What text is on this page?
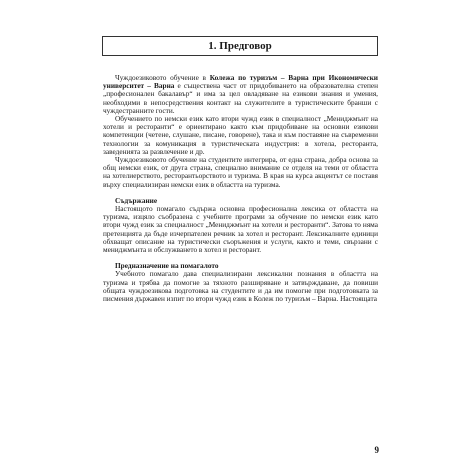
1. Предговор

Чуждоезиковото обучение в Колежа по туризъм – Варна при Икономически университет – Варна е съществена част от придобиването на образователна степен „професионален бакалавър“ и има за цел овладяване на езикови знания и умения, необходими в непосредствения контакт на служителите в туристическите бранши с чуждестранните гости.

Обучението по немски език като втори чужд език в специалност „Мениджмънт на хотели и ресторанти“ е ориентирано както към придобиване на основни езикови компетенции (четене, слушане, писане, говорене), така и към поставяне на съвременни технологии за комуникация в туристическата индустрия: в хотела, ресторанта, заведенията за развлечение и др.

Чуждоезиковото обучение на студентите интегрира, от една страна, добра основа за общ немски език, от друга страна, специално внимание се отделя на теми от областта на хотелиерството, ресторантьорството и туризма. В края на курса акцентът се поставя върху специализиран немски език в областта на туризма.

Съдържание

Настоящото помагало съдържа основна професионална лексика от областта на туризма, изцяло съобразена с учебните програми за обучение по немски език като втори чужд език за специалност „Мениджмънт на хотели и ресторанти“. Затова то няма претенцията да бъде изчерпателен речник за хотел и ресторант. Лексикалните единици обхващат описание на туристически съоръжения и услуги, както и теми, свързани с мениджмънта и обслужването в хотел и ресторант.

Предназначение на помагалото

Учебното помагало дава специализирани лексикални познания в областта на туризма и трябва да помогне за тяхното разширяване и затвърждаване, да повиши общата чуждоезикова подготовка на студентите и да им помогне при подготовката за писмения държавен изпит по втори чужд език в Колеж по туризъм – Варна. Настоящата

9
